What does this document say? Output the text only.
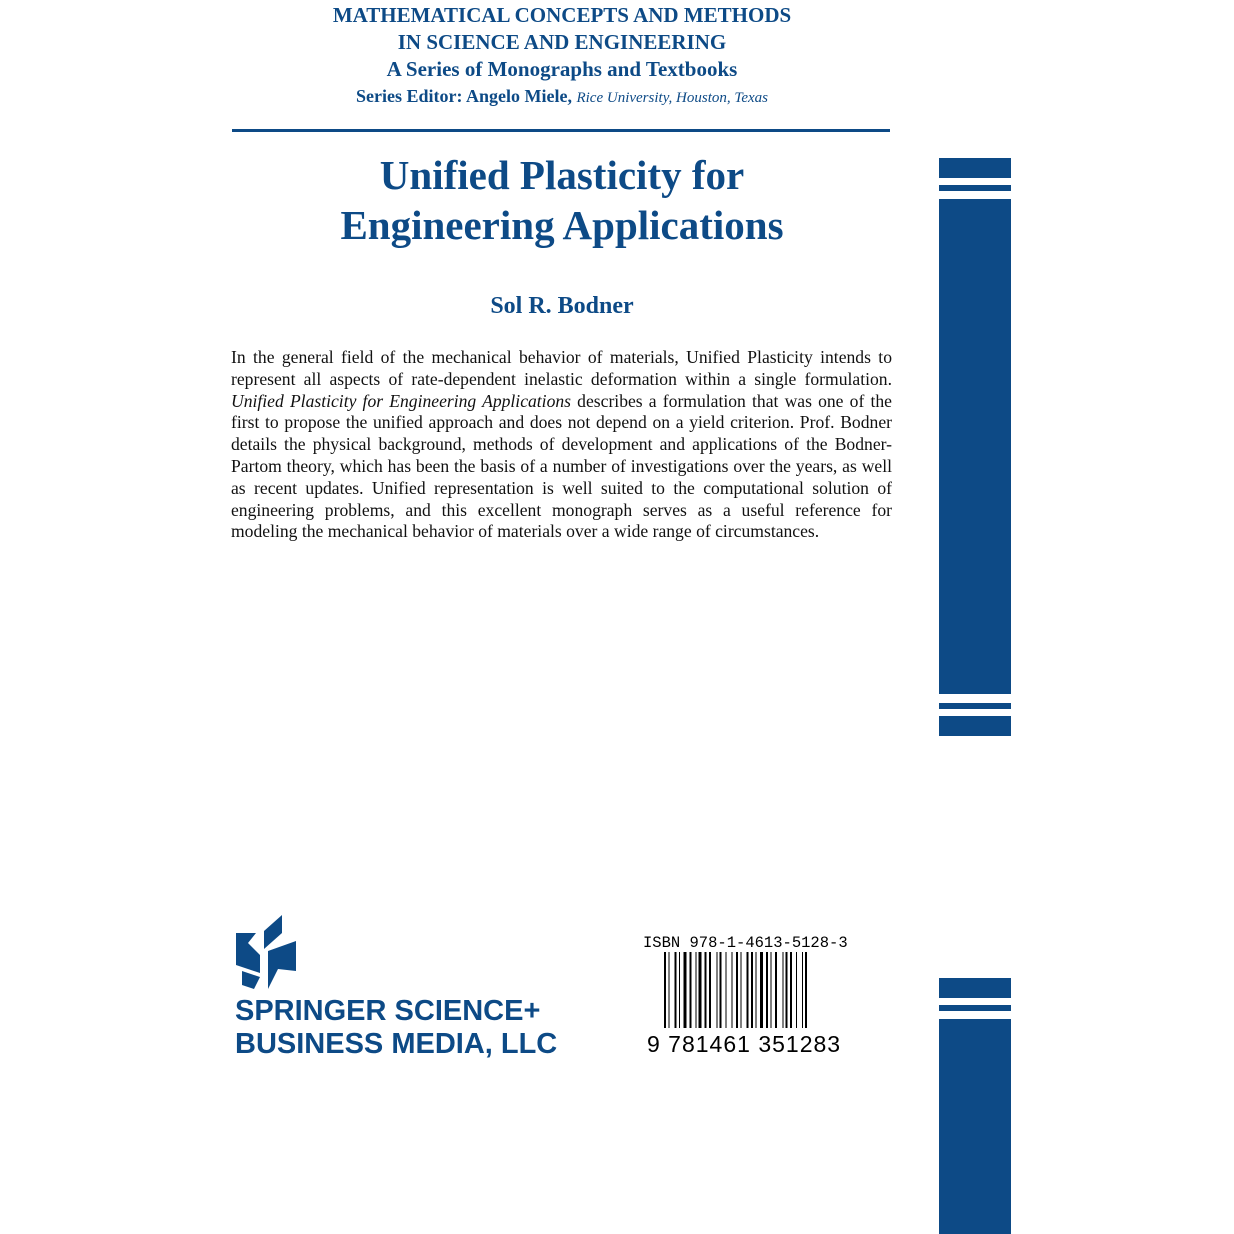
MATHEMATICAL CONCEPTS AND METHODS
IN SCIENCE AND ENGINEERING
A Series of Monographs and Textbooks
Series Editor: Angelo Miele, Rice University, Houston, Texas
Unified Plasticity for
Engineering Applications
Sol R. Bodner

In the general field of the mechanical behavior of materials, Unified Plasticity intends to represent all aspects of rate-dependent inelastic deformation within a single formulation. Unified Plasticity for Engineering Applications describes a formulation that was one of the first to propose the unified approach and does not depend on a yield criterion. Prof. Bodner details the physical background, methods of development and applications of the Bodner-Partom theory, which has been the basis of a number of investigations over the years, as well as recent updates. Unified representation is well suited to the computational solution of engineering problems, and this excellent monograph serves as a useful reference for modeling the mechanical behavior of materials over a wide range of circumstances.

SPRINGER SCIENCE+
BUSINESS MEDIA, LLC
ISBN 978-1-4613-5128-3
9 781461 351283
